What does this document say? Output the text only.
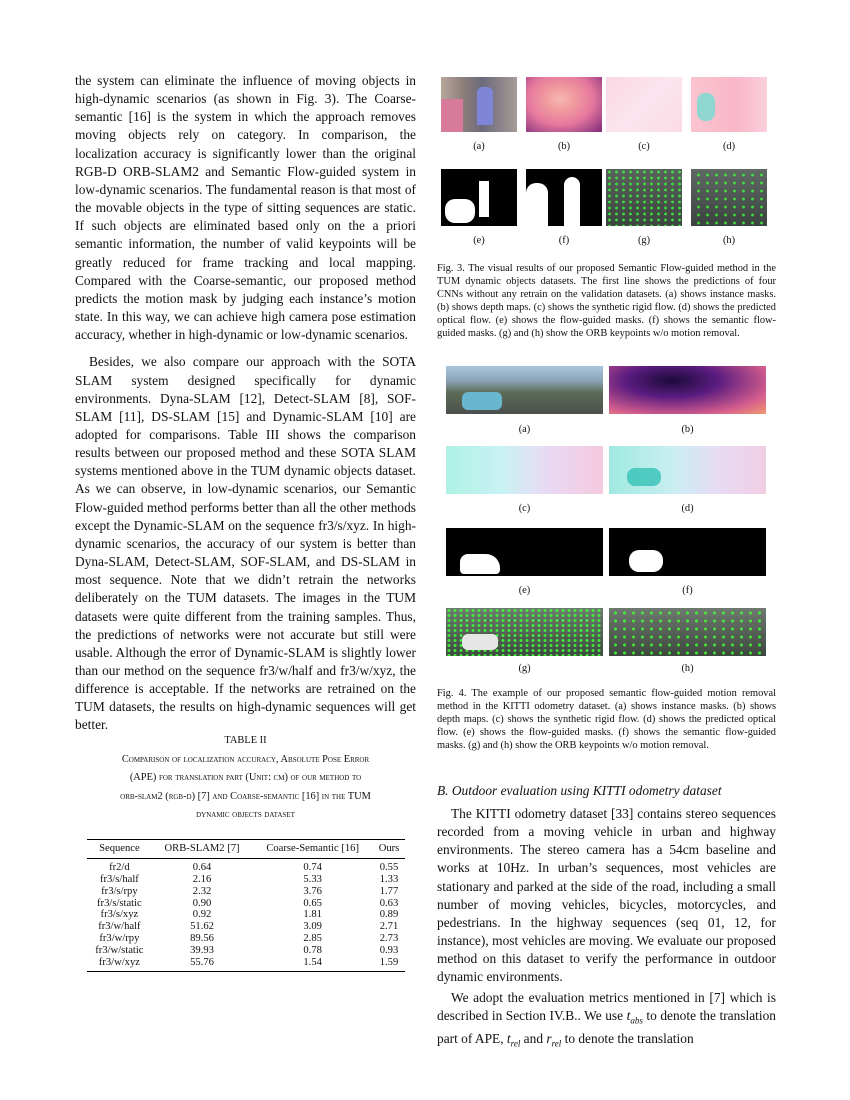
the system can eliminate the influence of moving objects in high-dynamic scenarios (as shown in Fig. 3). The Coarse-semantic [16] is the system in which the approach removes moving objects rely on category. In comparison, the localization accuracy is significantly lower than the original RGB-D ORB-SLAM2 and Semantic Flow-guided system in low-dynamic scenarios. The fundamental reason is that most of the movable objects in the type of sitting sequences are static. If such objects are eliminated based only on the a priori semantic information, the number of valid keypoints will be greatly reduced for frame tracking and local mapping. Compared with the Coarse-semantic, our proposed method predicts the motion mask by judging each instance’s motion state. In this way, we can achieve high camera pose estimation accuracy, whether in high-dynamic or low-dynamic scenarios.

Besides, we also compare our approach with the SOTA SLAM system designed specifically for dynamic environments. Dyna-SLAM [12], Detect-SLAM [8], SOF-SLAM [11], DS-SLAM [15] and Dynamic-SLAM [10] are adopted for comparisons. Table III shows the comparison results between our proposed method and these SOTA SLAM systems mentioned above in the TUM dynamic objects dataset. As we can observe, in low-dynamic scenarios, our Semantic Flow-guided method performs better than all the other methods except the Dynamic-SLAM on the sequence fr3/s/xyz. In high-dynamic scenarios, the accuracy of our system is better than Dyna-SLAM, Detect-SLAM, SOF-SLAM, and DS-SLAM in most sequence. Note that we didn’t retrain the networks deliberately on the TUM datasets. The images in the TUM datasets were quite different from the training samples. Thus, the predictions of networks were not accurate but still were usable. Although the error of Dynamic-SLAM is slightly lower than our method on the sequence fr3/w/half and fr3/w/xyz, the difference is acceptable. If the networks are retrained on the TUM datasets, the results on high-dynamic sequences will get better.

TABLE II
Comparison of localization accuracy, Absolute Pose Error
(APE) for translation part (Unit: cm) of our method to
orb-slam2 (rgb-d) [7] and Coarse-semantic [16] in the TUM
dynamic objects dataset
Sequence	ORB-SLAM2 [7]	Coarse-Semantic [16]	Ours
fr2/d	0.64	0.74	0.55
fr3/s/half	2.16	5.33	1.33
fr3/s/rpy	2.32	3.76	1.77
fr3/s/static	0.90	0.65	0.63
fr3/s/xyz	0.92	1.81	0.89
fr3/w/half	51.62	3.09	2.71
fr3/w/rpy	89.56	2.85	2.73
fr3/w/static	39.93	0.78	0.93
fr3/w/xyz	55.76	1.54	1.59
(a)	(b)	(c)	(d)
(e)	(f)	(g)	(h)

Fig. 3. The visual results of our proposed Semantic Flow-guided method in the TUM dynamic objects datasets. The first line shows the predictions of four CNNs without any retrain on the validation datasets. (a) shows instance masks. (b) shows depth maps. (c) shows the synthetic rigid flow. (d) shows the predicted optical flow. (e) shows the flow-guided masks. (f) shows the semantic flow-guided masks. (g) and (h) show the ORB keypoints w/o motion removal.

(a)	(b)
(c)	(d)
(e)	(f)
(g)	(h)

Fig. 4. The example of our proposed semantic flow-guided motion removal method in the KITTI odometry dataset. (a) shows instance masks. (b) shows depth maps. (c) shows the synthetic rigid flow. (d) shows the predicted optical flow. (e) shows the flow-guided masks. (f) shows the semantic flow-guided masks. (g) and (h) show the ORB keypoints w/o motion removal.

B. Outdoor evaluation using KITTI odometry dataset

The KITTI odometry dataset [33] contains stereo sequences recorded from a moving vehicle in urban and highway environments. The stereo camera has a 54cm baseline and works at 10Hz. In urban’s sequences, most vehicles are stationary and parked at the side of the road, including a small number of moving vehicles, bicycles, motorcycles, and pedestrians. In the highway sequences (seq 01, 12, for instance), most vehicles are moving. We evaluate our proposed method on this dataset to verify the performance in outdoor dynamic environments.

We adopt the evaluation metrics mentioned in [7] which is described in Section IV.B.. We use $t_{abs}$ to denote the translation part of APE, $t_{rel}$ and $r_{rel}$ to denote the translation
